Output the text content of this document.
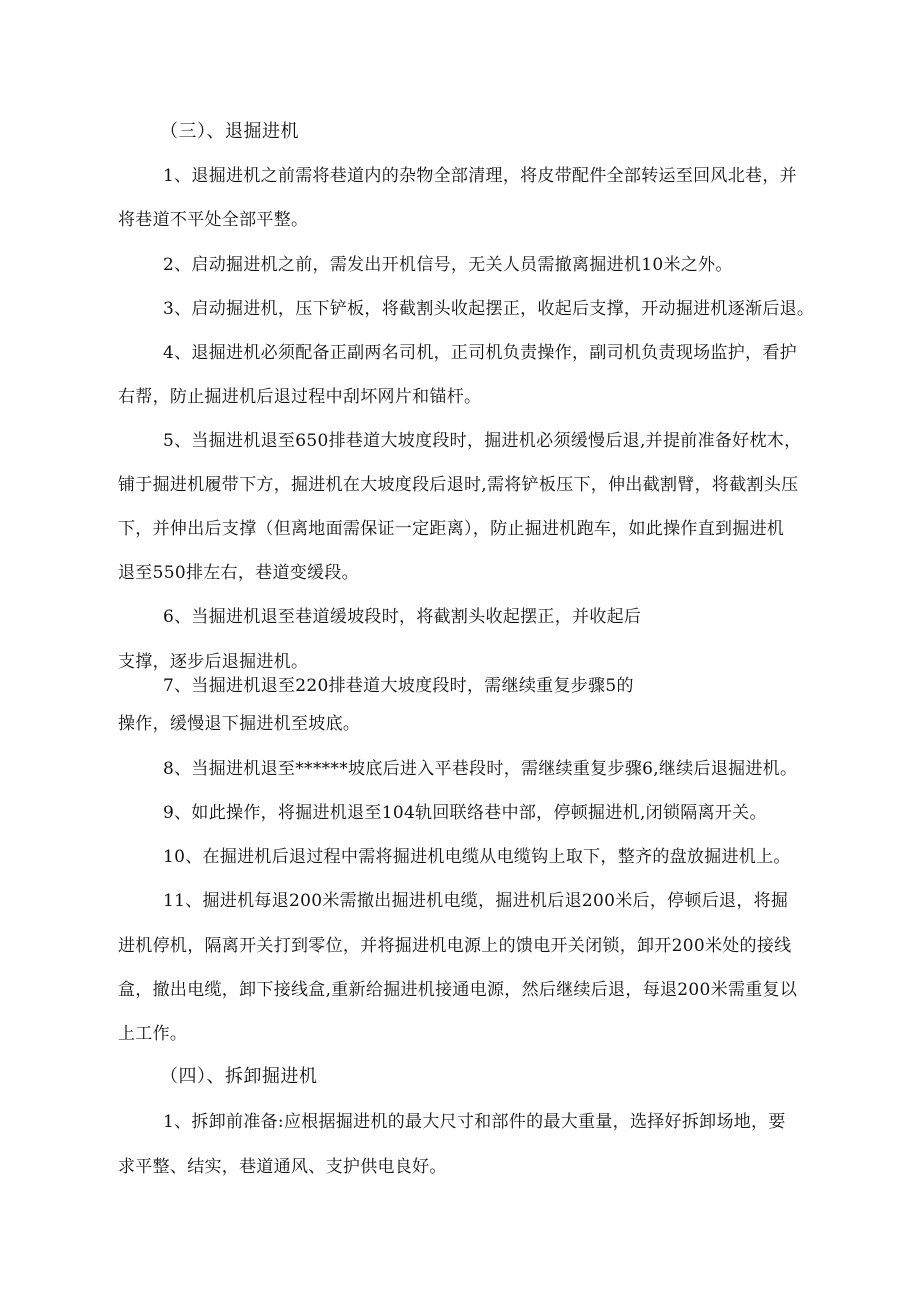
（三）、退掘进机

1、退掘进机之前需将巷道内的杂物全部清理，将皮带配件全部转运至回风北巷，并

将巷道不平处全部平整。

2、启动掘进机之前，需发出开机信号，无关人员需撤离掘进机10米之外。

3、启动掘进机，压下铲板，将截割头收起摆正，收起后支撑，开动掘进机逐渐后退。

4、退掘进机必须配备正副两名司机，正司机负责操作，副司机负责现场监护，看护

右帮，防止掘进机后退过程中刮坏网片和锚杆。

5、当掘进机退至650排巷道大坡度段时，掘进机必须缓慢后退,并提前准备好枕木，

铺于掘进机履带下方，掘进机在大坡度段后退时,需将铲板压下，伸出截割臂，将截割头压

下，并伸出后支撑（但离地面需保证一定距离），防止掘进机跑车，如此操作直到掘进机

退至550排左右，巷道变缓段。

6、当掘进机退至巷道缓坡段时，将截割头收起摆正，并收起后

支撑，逐步后退掘进机。

7、当掘进机退至220排巷道大坡度段时，需继续重复步骤5的

操作，缓慢退下掘进机至坡底。

8、当掘进机退至******坡底后进入平巷段时，需继续重复步骤6,继续后退掘进机。

9、如此操作，将掘进机退至104轨回联络巷中部，停顿掘进机,闭锁隔离开关。

10、在掘进机后退过程中需将掘进机电缆从电缆钩上取下，整齐的盘放掘进机上。

11、掘进机每退200米需撤出掘进机电缆，掘进机后退200米后，停顿后退，将掘

进机停机，隔离开关打到零位，并将掘进机电源上的馈电开关闭锁，卸开200米处的接线

盒，撤出电缆，卸下接线盒,重新给掘进机接通电源，然后继续后退，每退200米需重复以

上工作。

（四）、拆卸掘进机

1、拆卸前准备:应根据掘进机的最大尺寸和部件的最大重量，选择好拆卸场地，要

求平整、结实，巷道通风、支护供电良好。
